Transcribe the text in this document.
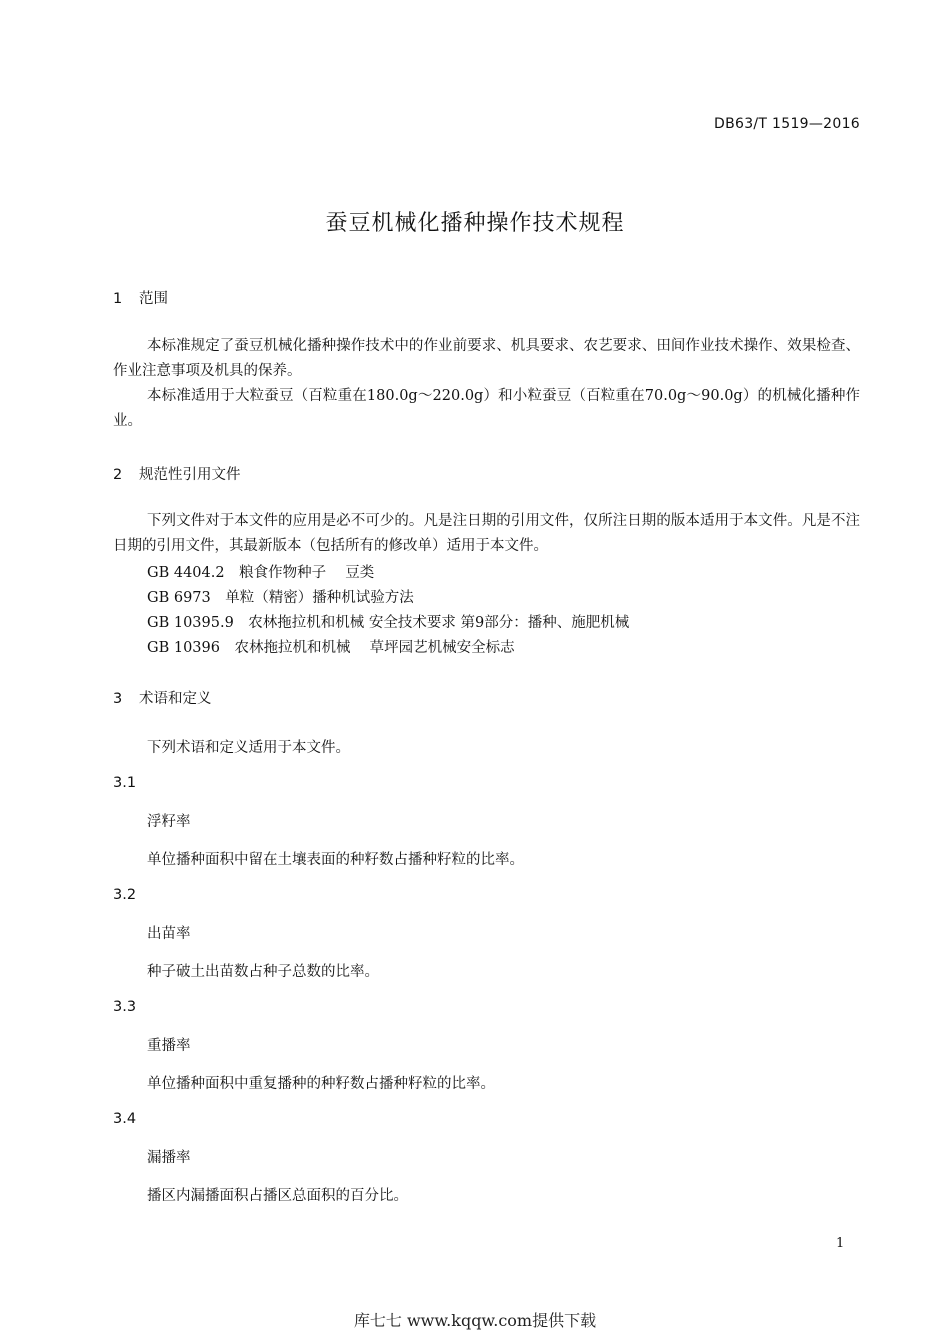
DB63/T 1519—2016
蚕豆机械化播种操作技术规程
1 范围
本标准规定了蚕豆机械化播种操作技术中的作业前要求、机具要求、农艺要求、田间作业技术操作、效果检查、作业注意事项及机具的保养。
本标准适用于大粒蚕豆（百粒重在180.0g～220.0g）和小粒蚕豆（百粒重在70.0g～90.0g）的机械化播种作业。
2 规范性引用文件
下列文件对于本文件的应用是必不可少的。凡是注日期的引用文件，仅所注日期的版本适用于本文件。凡是不注日期的引用文件，其最新版本（包括所有的修改单）适用于本文件。
GB 4404.2　粮食作物种子　 豆类
GB 6973　单粒（精密）播种机试验方法
GB 10395.9　农林拖拉机和机械 安全技术要求 第9部分：播种、施肥机械
GB 10396　农林拖拉机和机械　 草坪园艺机械安全标志
3 术语和定义
下列术语和定义适用于本文件。
3.1
浮籽率
单位播种面积中留在土壤表面的种籽数占播种籽粒的比率。
3.2
出苗率
种子破土出苗数占种子总数的比率。
3.3
重播率
单位播种面积中重复播种的种籽数占播种籽粒的比率。
3.4
漏播率
播区内漏播面积占播区总面积的百分比。
1
库七七 www.kqqw.com提供下载
